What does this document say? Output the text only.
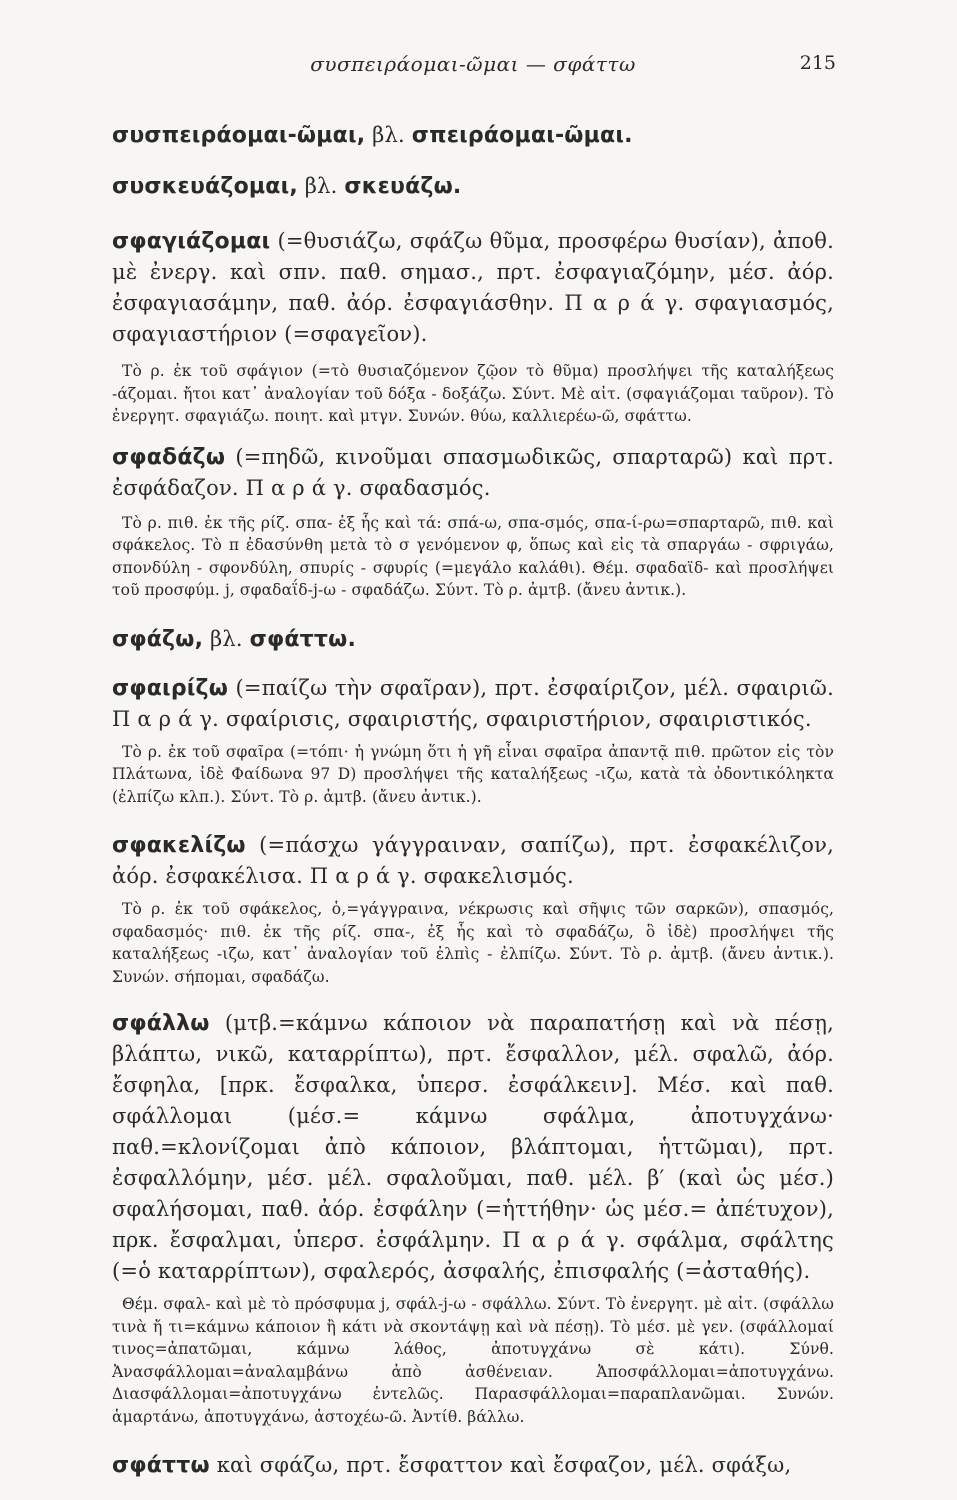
συσπειράομαι-ῶμαι — σφάττω	215

συσπειράομαι-ῶμαι, βλ. σπειράομαι-ῶμαι.

συσκευάζομαι, βλ. σκευάζω.

σφαγιάζομαι (=θυσιάζω, σφάζω θῦμα, προσφέρω θυσίαν), ἀποθ. μὲ ἐνεργ. καὶ σπν. παθ. σημασ., πρτ. ἐσφαγιαζόμην, μέσ. ἀόρ. ἐσφαγιασάμην, παθ. ἀόρ. ἐσφαγιάσθην. Π α ρ ά γ. σφαγιασμός, σφαγιαστήριον (=σφαγεῖον).

Τὸ ρ. ἐκ τοῦ σφάγιον (=τὸ θυσιαζόμενον ζῷον τὸ θῦμα) προσλήψει τῆς καταλήξεως -άζομαι. ἤτοι κατ᾽ ἀναλογίαν τοῦ δόξα - δοξάζω. Σύντ. Μὲ αἰτ. (σφαγιάζομαι ταῦρον). Τὸ ἐνεργητ. σφαγιάζω. ποιητ. καὶ μτγν. Συνών. θύω, καλλιερέω-ῶ, σφάττω.

σφαδάζω (=πηδῶ, κινοῦμαι σπασμωδικῶς, σπαρταρῶ) καὶ πρτ. ἐσφάδαζον. Π α ρ ά γ. σφαδασμός.

Τὸ ρ. πιθ. ἐκ τῆς ρίζ. σπα- ἐξ ἧς καὶ τά: σπά-ω, σπα-σμός, σπα-ί-ρω=σπαρταρῶ, πιθ. καὶ σφάκελος. Τὸ π ἐδασύνθη μετὰ τὸ σ γενόμενον φ, ὅπως καὶ εἰς τὰ σπαργάω - σφριγάω, σπονδύλη - σφονδύλη, σπυρίς - σφυρίς (=μεγάλο καλάθι). Θέμ. σφαδαϊδ- καὶ προσλήψει τοῦ προσφύμ. j, σφαδαΐδ-j-ω - σφαδάζω. Σύντ. Τὸ ρ. ἀμτβ. (ἄνευ ἀντικ.).

σφάζω, βλ. σφάττω.

σφαιρίζω (=παίζω τὴν σφαῖραν), πρτ. ἐσφαίριζον, μέλ. σφαιριῶ. Π α ρ ά γ. σφαίρισις, σφαιριστής, σφαιριστήριον, σφαιριστικός.

Τὸ ρ. ἐκ τοῦ σφαῖρα (=τόπι· ἡ γνώμη ὅτι ἡ γῆ εἶναι σφαῖρα ἀπαντᾷ πιθ. πρῶτον εἰς τὸν Πλάτωνα, ἰδὲ Φαίδωνα 97 D) προσλήψει τῆς καταλήξεως -ιζω, κατὰ τὰ ὀδοντικόληκτα (ἐλπίζω κλπ.). Σύντ. Τὸ ρ. ἀμτβ. (ἄνευ ἀντικ.).

σφακελίζω (=πάσχω γάγγραιναν, σαπίζω), πρτ. ἐσφακέλιζον, ἀόρ. ἐσφακέλισα. Π α ρ ά γ. σφακελισμός.

Τὸ ρ. ἐκ τοῦ σφάκελος, ὁ,=γάγγραινα, νέκρωσις καὶ σῆψις τῶν σαρκῶν), σπασμός, σφαδασμός· πιθ. ἐκ τῆς ρίζ. σπα-, ἐξ ἧς καὶ τὸ σφαδάζω, ὃ ἰδὲ) προσλήψει τῆς καταλήξεως -ιζω, κατ᾽ ἀναλογίαν τοῦ ἐλπὶς - ἐλπίζω. Σύντ. Τὸ ρ. ἀμτβ. (ἄνευ ἀντικ.). Συνών. σήπομαι, σφαδάζω.

σφάλλω (μτβ.=κάμνω κάποιον νὰ παραπατήσῃ καὶ νὰ πέσῃ, βλάπτω, νικῶ, καταρρίπτω), πρτ. ἔσφαλλον, μέλ. σφαλῶ, ἀόρ. ἔσφηλα, [πρκ. ἔσφαλκα, ὑπερσ. ἐσφάλκειν]. Μέσ. καὶ παθ. σφάλλομαι (μέσ.= κάμνω σφάλμα, ἀποτυγχάνω· παθ.=κλονίζομαι ἀπὸ κάποιον, βλάπτομαι, ἡττῶμαι), πρτ. ἐσφαλλόμην, μέσ. μέλ. σφαλοῦμαι, παθ. μέλ. β′ (καὶ ὡς μέσ.) σφαλήσομαι, παθ. ἀόρ. ἐσφάλην (=ἡττήθην· ὡς μέσ.= ἀπέτυχον), πρκ. ἔσφαλμαι, ὑπερσ. ἐσφάλμην. Π α ρ ά γ. σφάλμα, σφάλτης (=ὁ καταρρίπτων), σφαλερός, ἀσφαλής, ἐπισφαλής (=ἀσταθής).

Θέμ. σφαλ- καὶ μὲ τὸ πρόσφυμα j, σφάλ-j-ω - σφάλλω. Σύντ. Τὸ ἐνεργητ. μὲ αἰτ. (σφάλλω τινὰ ἤ τι=κάμνω κάποιον ἢ κάτι νὰ σκοντάψῃ καὶ νὰ πέσῃ). Τὸ μέσ. μὲ γεν. (σφάλλομαί τινος=ἀπατῶμαι, κάμνω λάθος, ἀποτυγχάνω σὲ κάτι). Σύνθ. Ἀνασφάλλομαι=ἀναλαμβάνω ἀπὸ ἀσθένειαν. Ἀποσφάλλομαι=ἀποτυγχάνω. Διασφάλλομαι=ἀποτυγχάνω ἐντελῶς. Παρασφάλλομαι=παραπλανῶμαι. Συνών. ἁμαρτάνω, ἀποτυγχάνω, ἀστοχέω-ῶ. Ἀντίθ. βάλλω.

σφάττω καὶ σφάζω, πρτ. ἔσφαττον καὶ ἔσφαζον, μέλ. σφάξω,
